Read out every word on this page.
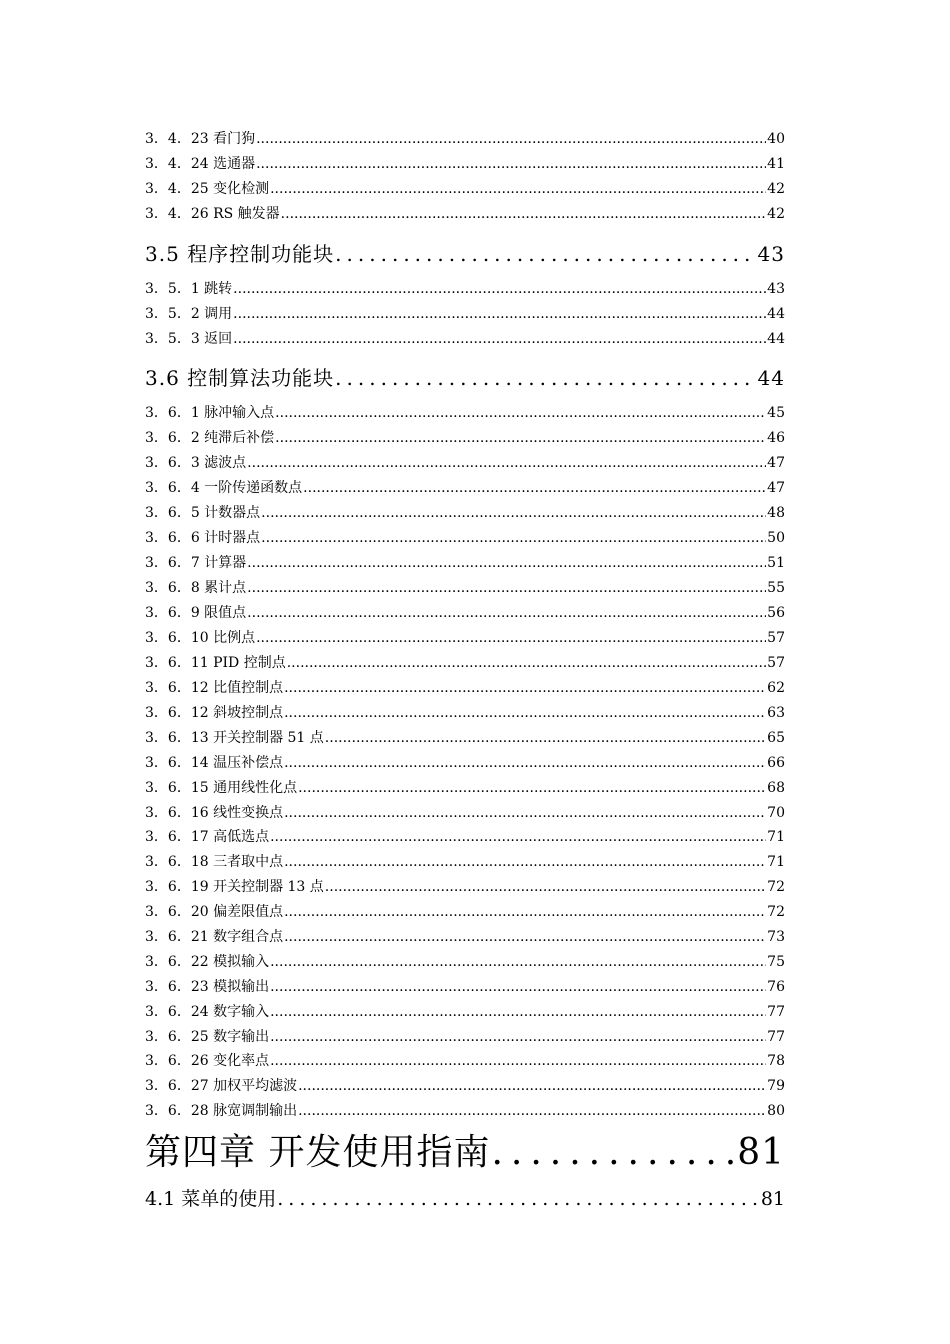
3．4．23 看门狗 .....	40
3．4．24 选通器 .....	41
3．4．25 变化检测 .....	42
3．4．26 RS 触发器 .....	42
3.5 程序控制功能块 .....	43
3．5．1 跳转 .....	43
3．5．2 调用 .....	44
3．5．3 返回 .....	44
3.6 控制算法功能块 .....	44
3．6．1 脉冲输入点 .....	45
3．6．2 纯滞后补偿 .....	46
3．6．3 滤波点 .....	47
3．6．4 一阶传递函数点 .....	47
3．6．5 计数器点 .....	48
3．6．6 计时器点 .....	50
3．6．7 计算器 .....	51
3．6．8 累计点 .....	55
3．6．9 限值点 .....	56
3．6．10 比例点 .....	57
3．6．11 PID 控制点 .....	57
3．6．12 比值控制点 .....	62
3．6．12 斜坡控制点 .....	63
3．6．13 开关控制器 51 点 .....	65
3．6．14 温压补偿点 .....	66
3．6．15 通用线性化点 .....	68
3．6．16 线性变换点 .....	70
3．6．17 高低选点 .....	71
3．6．18 三者取中点 .....	71
3．6．19 开关控制器 13 点 .....	72
3．6．20 偏差限值点 .....	72
3．6．21 数字组合点 .....	73
3．6．22 模拟输入 .....	75
3．6．23 模拟输出 .....	76
3．6．24 数字输入 .....	77
3．6．25 数字输出 .....	77
3．6．26 变化率点 .....	78
3．6．27 加权平均滤波 .....	79
3．6．28 脉宽调制输出 .....	80
第四章 开发使用指南 .....	81
4.1 菜单的使用 .....	81
